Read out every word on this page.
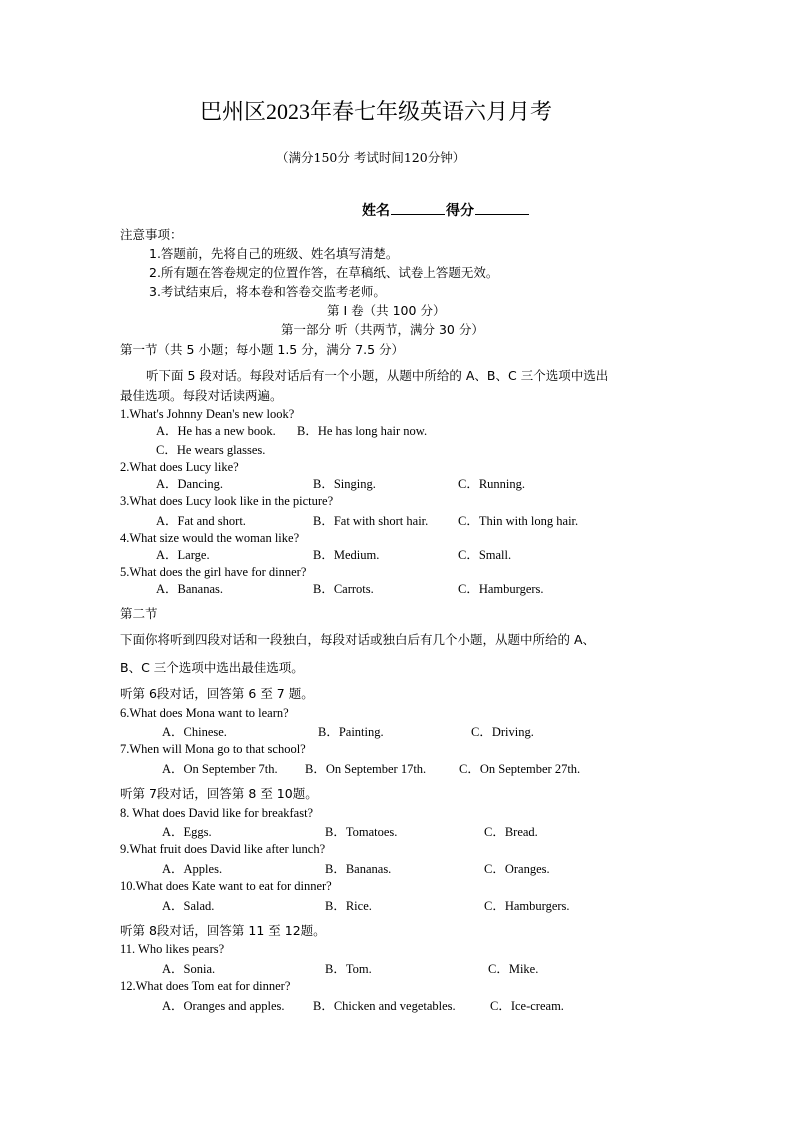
巴州区2023年春七年级英语六月月考
（满分150分 考试时间120分钟）
姓名	得分
注意事项：
1.答题前，先将自己的班级、姓名填写清楚。
2.所有题在答卷规定的位置作答，在草稿纸、试卷上答题无效。
3.考试结束后，将本卷和答卷交监考老师。
第 I 卷（共 100 分）
第一部分 听（共两节，满分 30 分）
第一节（共 5 小题；每小题 1.5 分，满分 7.5 分）
听下面 5 段对话。每段对话后有一个小题，从题中所给的 A、B、C 三个选项中选出
最佳选项。每段对话读两遍。
1.What's Johnny Dean's new look?
A．He has a new book. B．He has long hair now.
C．He wears glasses.
2.What does Lucy like?
A．Dancing.	B．Singing.	C．Running.
3.What does Lucy look like in the picture?
A．Fat and short.	B．Fat with short hair. C．Thin with long hair.
4.What size would the woman like?
A．Large.	B．Medium.	C．Small.
5.What does the girl have for dinner?
A．Bananas.	B．Carrots.	C．Hamburgers.
第二节
下面你将听到四段对话和一段独白，每段对话或独白后有几个小题，从题中所给的 A、
B、C 三个选项中选出最佳选项。
听第 6段对话，回答第 6 至 7 题。
6.What does Mona want to learn?
A．Chinese.	B．Painting.	C．Driving.
7.When will Mona go to that school?
A．On September 7th. B．On September 17th.	C．On September 27th.
听第 7段对话，回答第 8 至 10题。
8. What does David like for breakfast?
A．Eggs.	B．Tomatoes.	C．Bread.
9.What fruit does David like after lunch?
A．Apples.	B．Bananas.	C．Oranges.
10.What does Kate want to eat for dinner?
A．Salad.	B．Rice.	C．Hamburgers.
听第 8段对话，回答第 11 至 12题。
11. Who likes pears?
A．Sonia.	B．Tom.	C．Mike.
12.What does Tom eat for dinner?
A．Oranges and apples. B．Chicken and vegetables.	C．Ice-cream.
